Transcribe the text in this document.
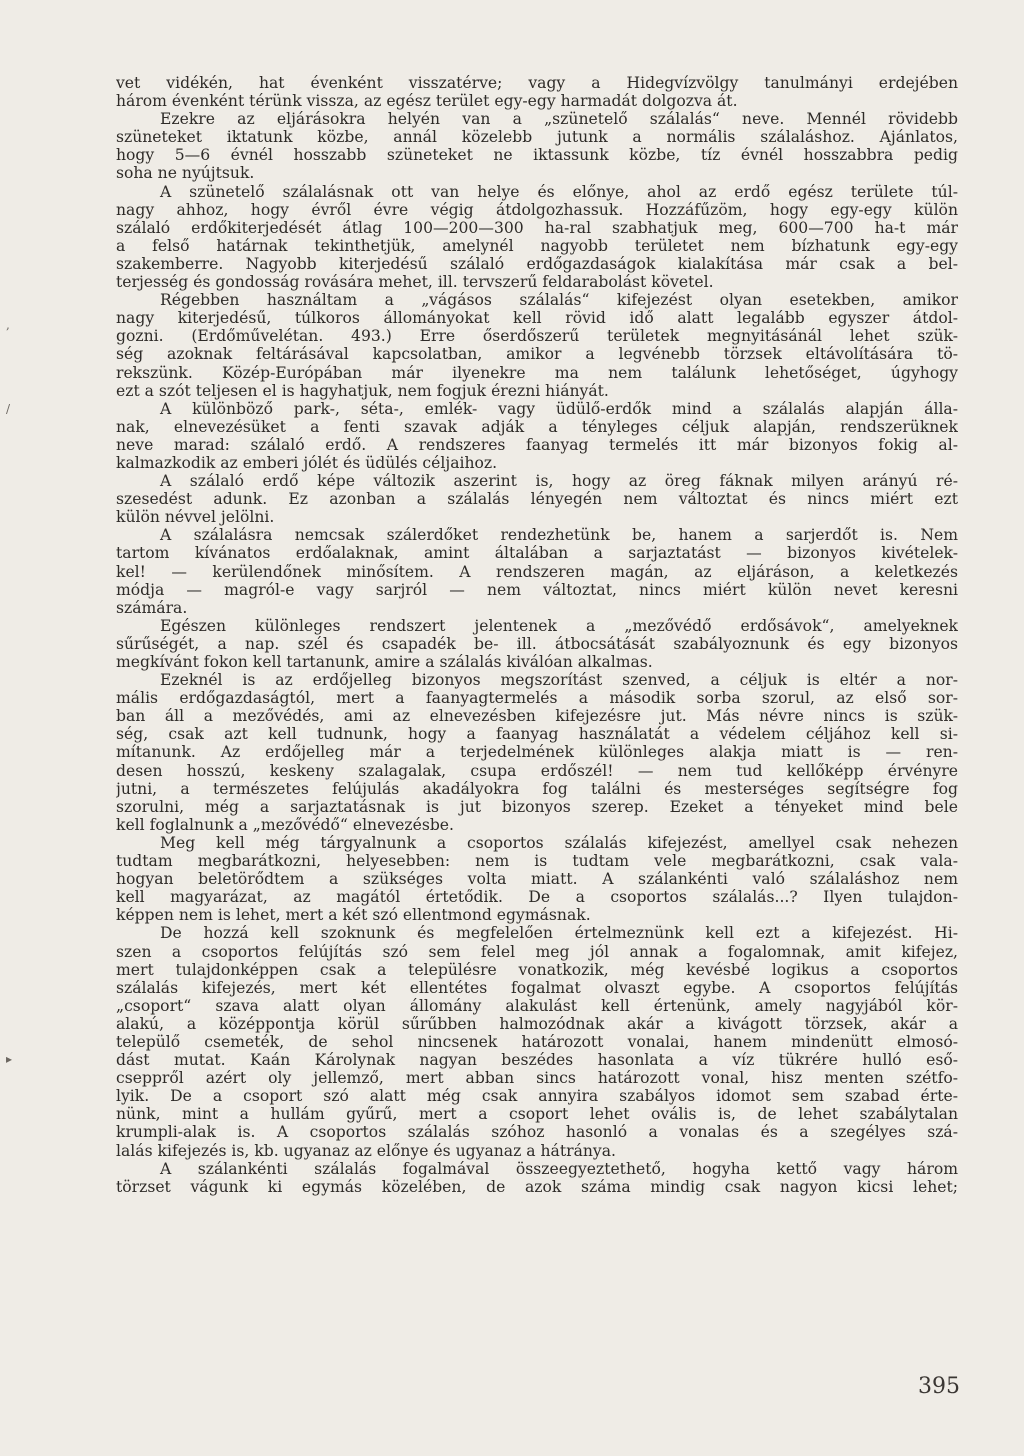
vet vidékén, hat évenként visszatérve; vagy a Hidegvízvölgy tanulmányi erdejében
három évenként térünk vissza, az egész terület egy-egy harmadát dolgozva át.
Ezekre az eljárásokra helyén van a „szünetelő szálalás“ neve. Mennél rövidebb
szüneteket iktatunk közbe, annál közelebb jutunk a normális szálaláshoz. Ajánlatos,
hogy 5—6 évnél hosszabb szüneteket ne iktassunk közbe, tíz évnél hosszabbra pedig
soha ne nyújtsuk.
A szünetelő szálalásnak ott van helye és előnye, ahol az erdő egész területe túl-
nagy ahhoz, hogy évről évre végig átdolgozhassuk. Hozzáfűzöm, hogy egy-egy külön
szálaló erdőkiterjedését átlag 100—200—300 ha-ral szabhatjuk meg, 600—700 ha-t már
a felső határnak tekinthetjük, amelynél nagyobb területet nem bízhatunk egy-egy
szakemberre. Nagyobb kiterjedésű szálaló erdőgazdaságok kialakítása már csak a bel-
terjesség és gondosság rovására mehet, ill. tervszerű feldarabolást követel.
Régebben használtam a „vágásos szálalás“ kifejezést olyan esetekben, amikor
nagy kiterjedésű, túlkoros állományokat kell rövid idő alatt legalább egyszer átdol-
gozni. (Erdőművelétan. 493.) Erre őserdőszerű területek megnyitásánál lehet szük-
ség azoknak feltárásával kapcsolatban, amikor a legvénebb törzsek eltávolítására tö-
rekszünk. Közép-Európában már ilyenekre ma nem találunk lehetőséget, úgyhogy
ezt a szót teljesen el is hagyhatjuk, nem fogjuk érezni hiányát.
A különböző park-, séta-, emlék- vagy üdülő-erdők mind a szálalás alapján álla-
nak, elnevezésüket a fenti szavak adják a tényleges céljuk alapján, rendszerüknek
neve marad: szálaló erdő. A rendszeres faanyag termelés itt már bizonyos fokig al-
kalmazkodik az emberi jólét és üdülés céljaihoz.
A szálaló erdő képe változik aszerint is, hogy az öreg fáknak milyen arányú ré-
szesedést adunk. Ez azonban a szálalás lényegén nem változtat és nincs miért ezt
külön névvel jelölni.
A szálalásra nemcsak szálerdőket rendezhetünk be, hanem a sarjerdőt is. Nem
tartom kívánatos erdőalaknak, amint általában a sarjaztatást — bizonyos kivételek-
kel! — kerülendőnek minősítem. A rendszeren magán, az eljáráson, a keletkezés
módja — magról-e vagy sarjról — nem változtat, nincs miért külön nevet keresni
számára.
Egészen különleges rendszert jelentenek a „mezővédő erdősávok“, amelyeknek
sűrűségét, a nap. szél és csapadék be- ill. átbocsátását szabályoznunk és egy bizonyos
megkívánt fokon kell tartanunk, amire a szálalás kiválóan alkalmas.
Ezeknél is az erdőjelleg bizonyos megszorítást szenved, a céljuk is eltér a nor-
mális erdőgazdaságtól, mert a faanyagtermelés a második sorba szorul, az első sor-
ban áll a mezővédés, ami az elnevezésben kifejezésre jut. Más névre nincs is szük-
ség, csak azt kell tudnunk, hogy a faanyag használatát a védelem céljához kell si-
mítanunk. Az erdőjelleg már a terjedelmének különleges alakja miatt is — ren-
desen hosszú, keskeny szalagalak, csupa erdőszél! — nem tud kellőképp érvényre
jutni, a természetes felújulás akadályokra fog találni és mesterséges segítségre fog
szorulni, még a sarjaztatásnak is jut bizonyos szerep. Ezeket a tényeket mind bele
kell foglalnunk a „mezővédő“ elnevezésbe.
Meg kell még tárgyalnunk a csoportos szálalás kifejezést, amellyel csak nehezen
tudtam megbarátkozni, helyesebben: nem is tudtam vele megbarátkozni, csak vala-
hogyan beletörődtem a szükséges volta miatt. A szálankénti való szálaláshoz nem
kell magyarázat, az magától értetődik. De a csoportos szálalás...? Ilyen tulajdon-
képpen nem is lehet, mert a két szó ellentmond egymásnak.
De hozzá kell szoknunk és megfelelően értelmeznünk kell ezt a kifejezést. Hi-
szen a csoportos felújítás szó sem felel meg jól annak a fogalomnak, amit kifejez,
mert tulajdonképpen csak a településre vonatkozik, még kevésbé logikus a csoportos
szálalás kifejezés, mert két ellentétes fogalmat olvaszt egybe. A csoportos felújítás
„csoport“ szava alatt olyan állomány alakulást kell értenünk, amely nagyjából kör-
alakú, a középpontja körül sűrűbben halmozódnak akár a kivágott törzsek, akár a
települő csemeték, de sehol nincsenek határozott vonalai, hanem mindenütt elmosó-
dást mutat. Kaán Károlynak nagyan beszédes hasonlata a víz tükrére hulló eső-
cseppről azért oly jellemző, mert abban sincs határozott vonal, hisz menten szétfo-
lyik. De a csoport szó alatt még csak annyira szabályos idomot sem szabad érte-
nünk, mint a hullám gyűrű, mert a csoport lehet ovális is, de lehet szabálytalan
krumpli-alak is. A csoportos szálalás szóhoz hasonló a vonalas és a szegélyes szá-
lalás kifejezés is, kb. ugyanaz az előnye és ugyanaz a hátránya.
A szálankénti szálalás fogalmával összeegyeztethető, hogyha kettő vagy három
törzset vágunk ki egymás közelében, de azok száma mindig csak nagyon kicsi lehet;
,
/
▸
395
